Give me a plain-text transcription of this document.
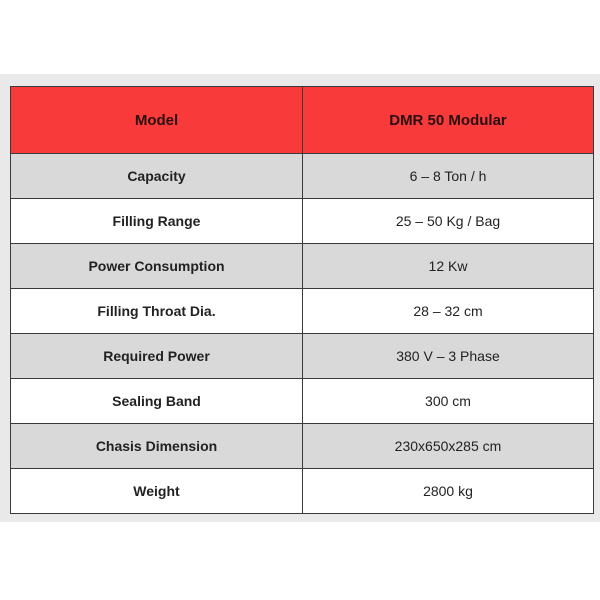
Model	DMR 50 Modular
Capacity	6 – 8 Ton / h
Filling Range	25 – 50 Kg / Bag
Power Consumption	12 Kw
Filling Throat Dia.	28 – 32 cm
Required Power	380 V – 3 Phase
Sealing Band	300 cm
Chasis Dimension	230x650x285 cm
Weight	2800 kg
